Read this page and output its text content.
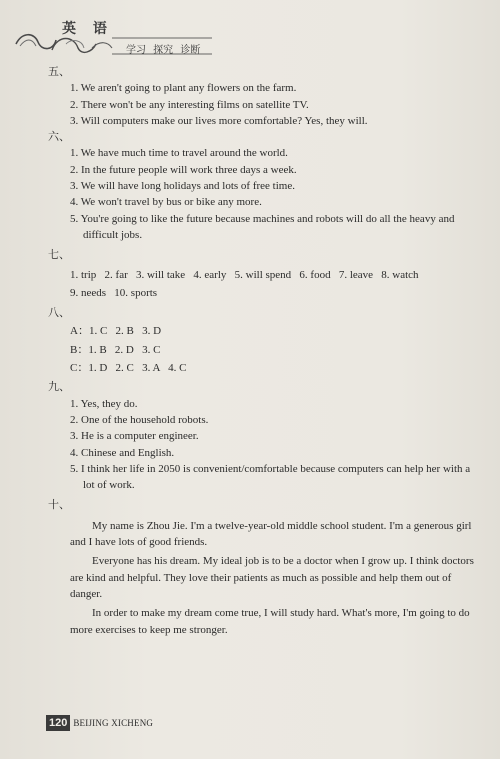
英 语
学习 探究 诊断
五、
1. We aren't going to plant any flowers on the farm.
2. There won't be any interesting films on satellite TV.
3. Will computers make our lives more comfortable? Yes, they will.
六、
1. We have much time to travel around the world.
2. In the future people will work three days a week.
3. We will have long holidays and lots of free time.
4. We won't travel by bus or bike any more.
5. You're going to like the future because machines and robots will do all the heavy and difficult jobs.
七、
1. trip   2. far   3. will take   4. early   5. will spend   6. food   7. leave   8. watch
9. needs   10. sports
八、
A：1. C   2. B   3. D
B：1. B   2. D   3. C
C：1. D   2. C   3. A   4. C
九、
1. Yes, they do.
2. One of the household robots.
3. He is a computer engineer.
4. Chinese and English.
5. I think her life in 2050 is convenient/comfortable because computers can help her with a lot of work.
十、

My name is Zhou Jie. I'm a twelve-year-old middle school student. I'm a generous girl and I have lots of good friends.

Everyone has his dream. My ideal job is to be a doctor when I grow up. I think doctors are kind and helpful. They love their patients as much as possible and help them out of danger.

In order to make my dream come true, I will study hard. What's more, I'm going to do more exercises to keep me stronger.

120 BEIJING XICHENG
